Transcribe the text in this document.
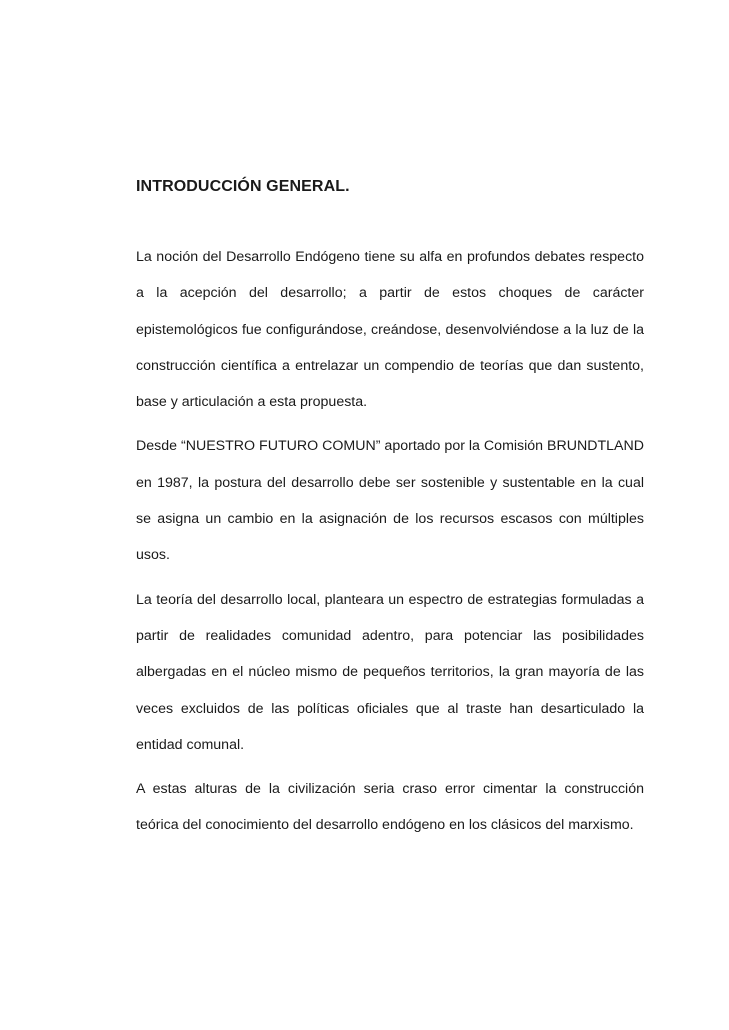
INTRODUCCIÓN GENERAL.

La noción del Desarrollo Endógeno tiene su alfa en profundos debates respecto a la acepción del desarrollo; a partir de estos choques de carácter epistemológicos fue configurándose, creándose, desenvolviéndose a la luz de la construcción científica a entrelazar un compendio de teorías que dan sustento, base y articulación a esta propuesta.

Desde “NUESTRO FUTURO COMUN” aportado por la Comisión BRUNDTLAND en 1987, la postura del desarrollo debe ser sostenible y sustentable en la cual se asigna un cambio en la asignación de los recursos escasos con múltiples usos.

La teoría del desarrollo local, planteara un espectro de estrategias formuladas a partir de realidades comunidad adentro, para potenciar las posibilidades albergadas en el núcleo mismo de pequeños territorios, la gran mayoría de las veces excluidos de las políticas oficiales que al traste han desarticulado la entidad comunal.

A estas alturas de la civilización seria craso error cimentar la construcción teórica del conocimiento del desarrollo endógeno en los clásicos del marxismo.
